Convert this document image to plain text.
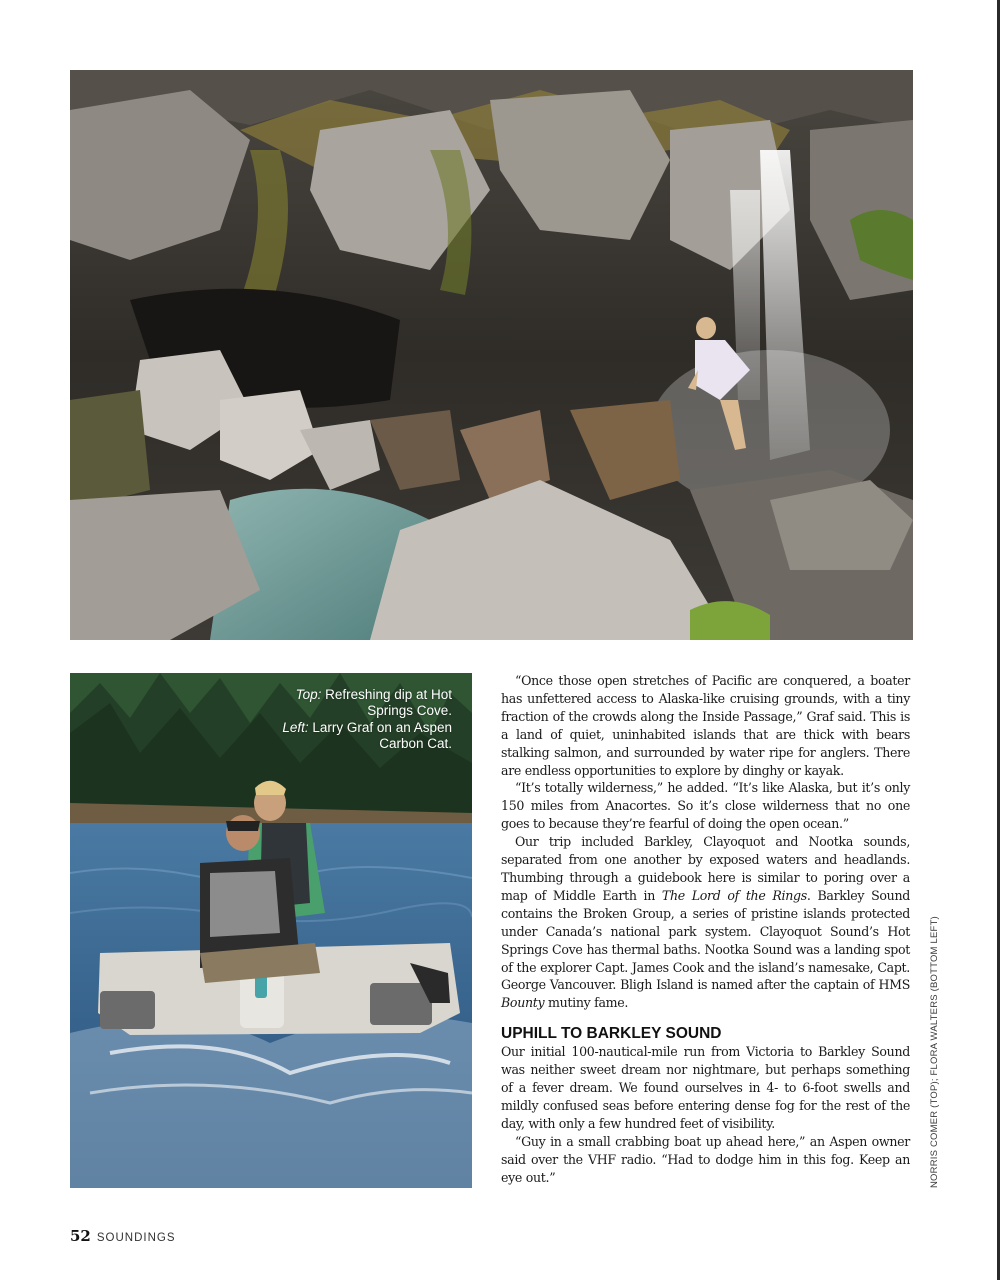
Top: Refreshing dip at Hot Springs Cove.
Left: Larry Graf on an Aspen Carbon Cat.

“Once those open stretches of Pacific are conquered, a boater has unfettered access to Alaska-like cruising grounds, with a tiny fraction of the crowds along the Inside Passage,” Graf said. This is a land of quiet, uninhabited islands that are thick with bears stalking salmon, and surrounded by water ripe for anglers. There are endless opportunities to explore by dinghy or kayak.

“It’s totally wilderness,” he added. “It’s like Alaska, but it’s only 150 miles from Anacortes. So it’s close wilderness that no one goes to because they’re fearful of doing the open ocean.”

Our trip included Barkley, Clayoquot and Nootka sounds, separated from one another by exposed waters and headlands. Thumbing through a guidebook here is similar to poring over a map of Middle Earth in The Lord of the Rings. Barkley Sound contains the Broken Group, a series of pristine islands protected under Canada’s national park system. Clayoquot Sound’s Hot Springs Cove has thermal baths. Nootka Sound was a landing spot of the explorer Capt. James Cook and the island’s namesake, Capt. George Vancouver. Bligh Island is named after the captain of HMS Bounty mutiny fame.

UPHILL TO BARKLEY SOUND

Our initial 100-nautical-mile run from Victoria to Barkley Sound was neither sweet dream nor nightmare, but perhaps something of a fever dream. We found ourselves in 4- to 6-foot swells and mildly confused seas before entering dense fog for the rest of the day, with only a few hundred feet of visibility.

“Guy in a small crabbing boat up ahead here,” an Aspen owner said over the VHF radio. “Had to dodge him in this fog. Keep an eye out.”	NORRIS COMER (TOP); FLORA WALTERS (BOTTOM LEFT)
52 SOUNDINGS
